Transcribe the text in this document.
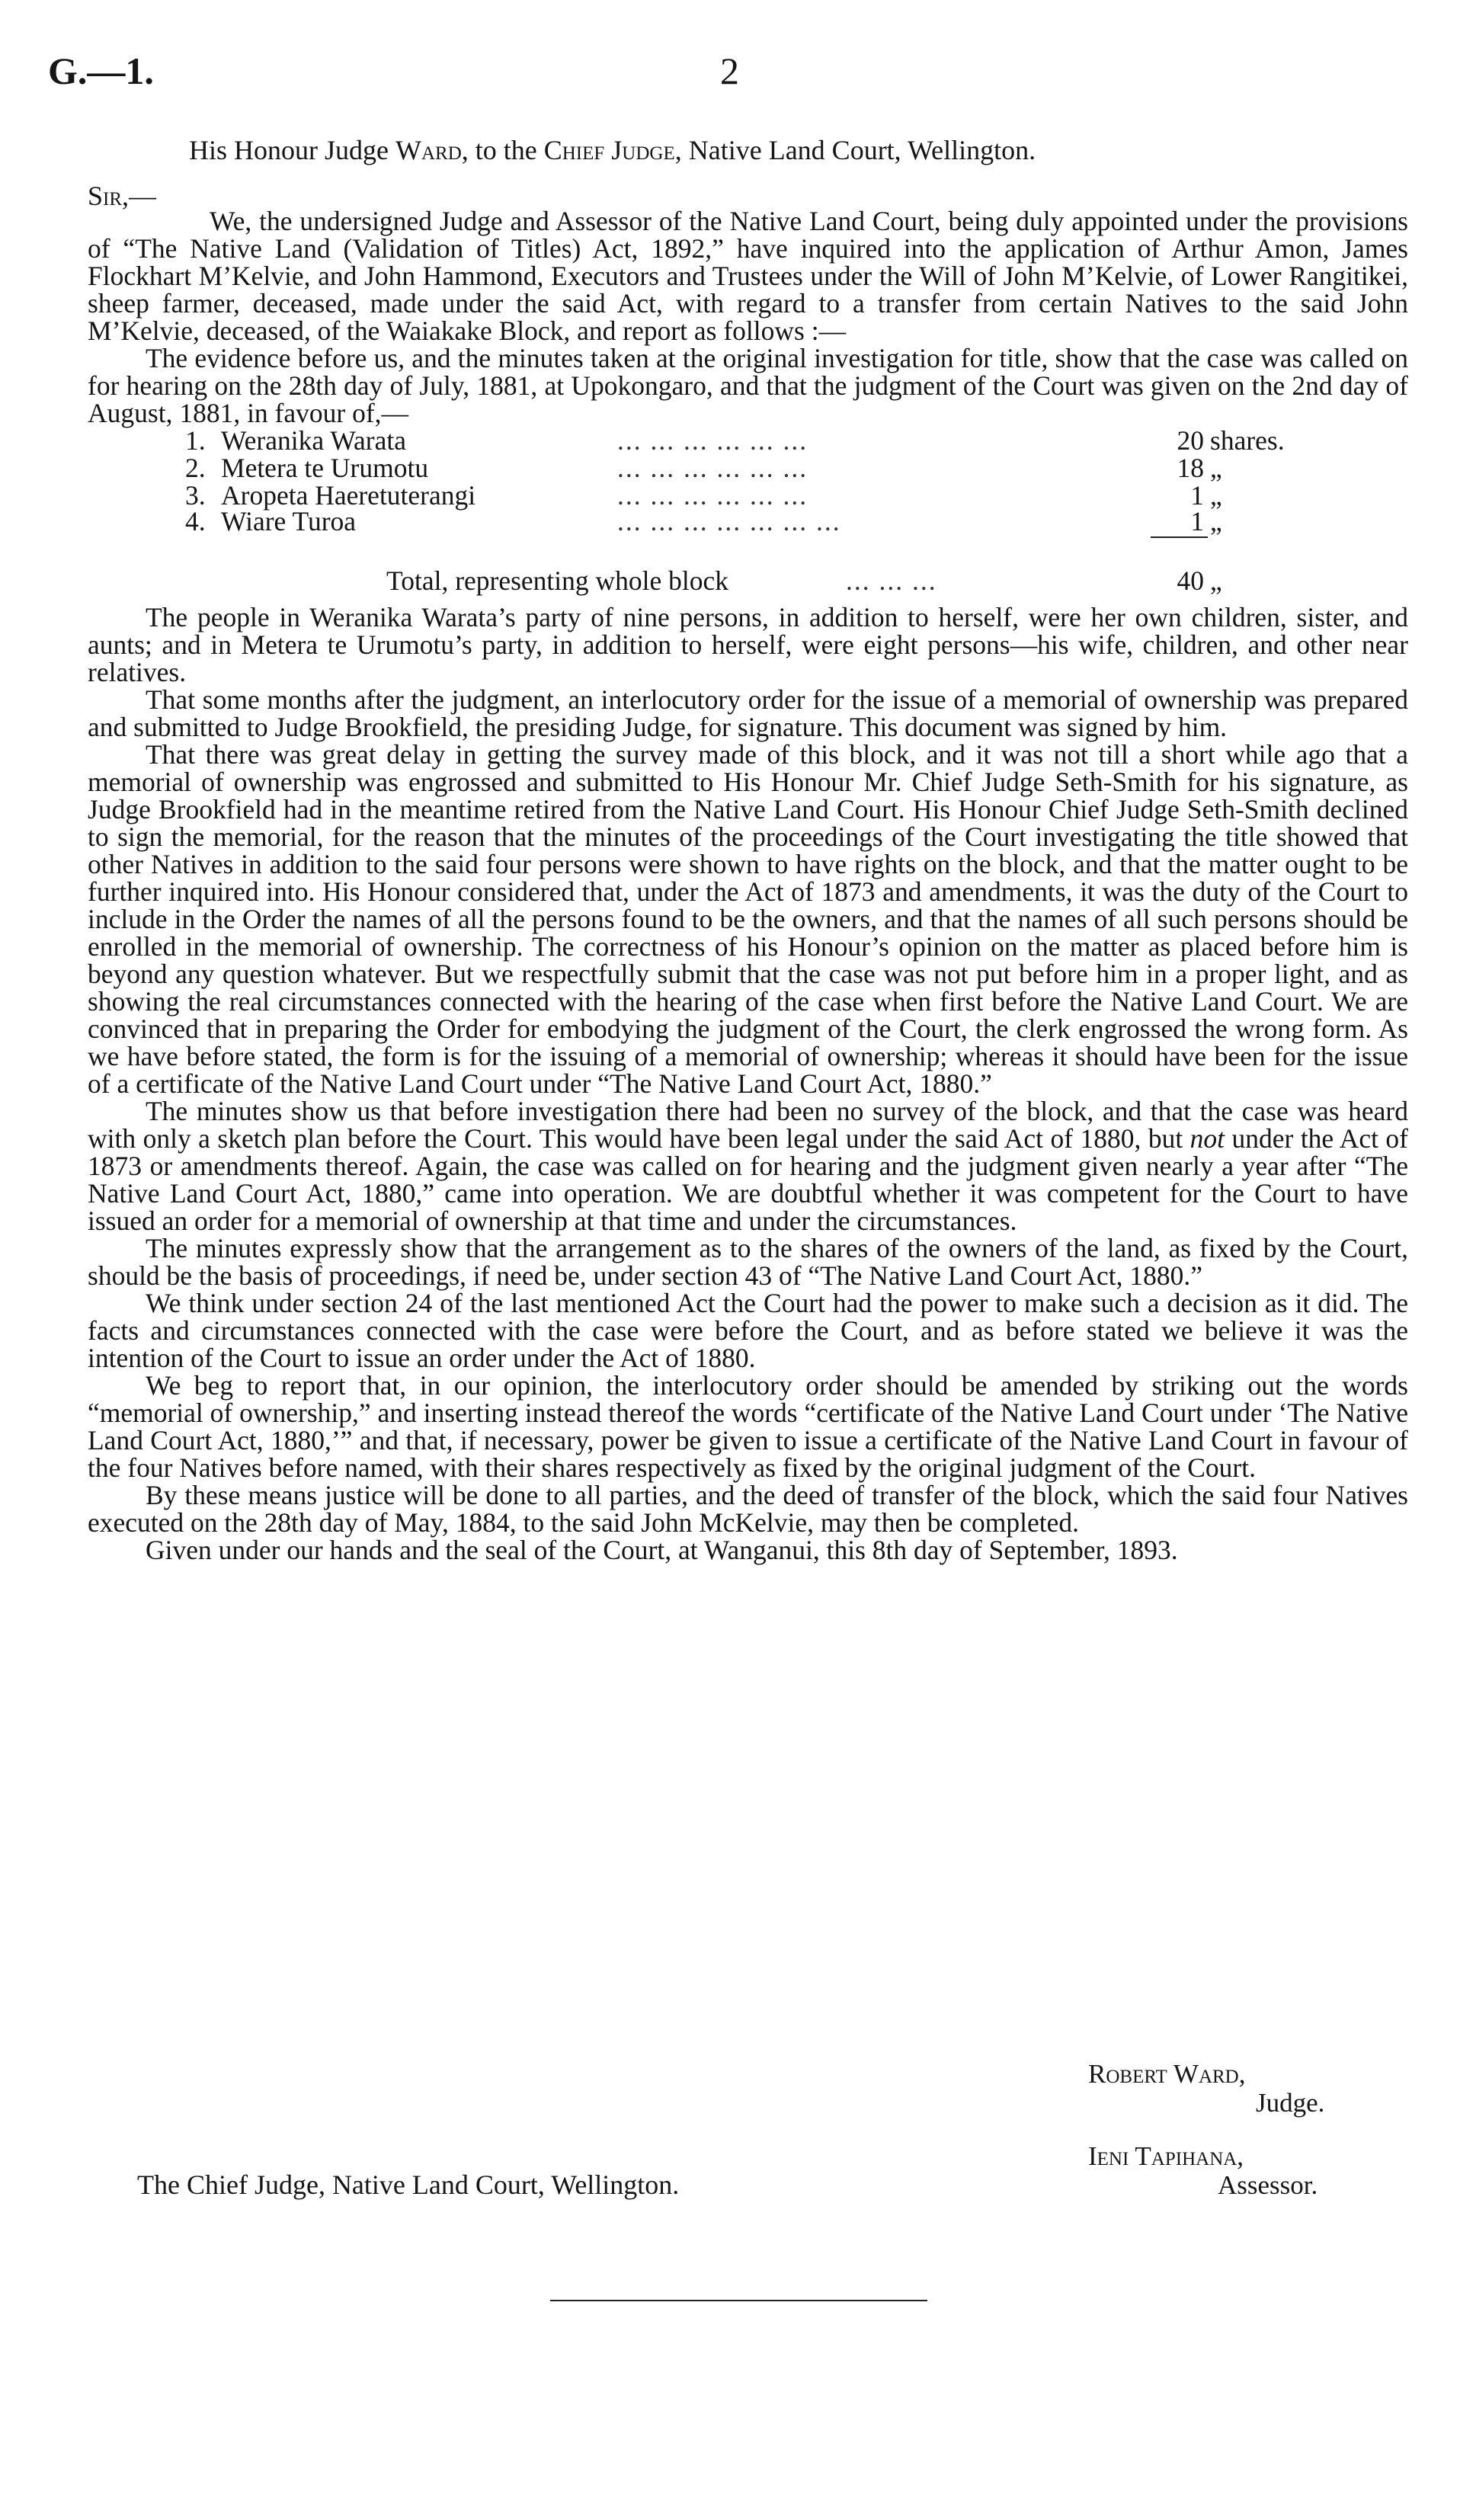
G.—1.	2
His Honour Judge Ward, to the Chief Judge, Native Land Court, Wellington.
Sir,—

We, the undersigned Judge and Assessor of the Native Land Court, being duly appointed under the provisions of “The Native Land (Validation of Titles) Act, 1892,” have inquired into the application of Arthur Amon, James Flockhart M’Kelvie, and John Hammond, Executors and Trustees under the Will of John M’Kelvie, of Lower Rangitikei, sheep farmer, deceased, made under the said Act, with regard to a transfer from certain Natives to the said John M’Kelvie, deceased, of the Waiakake Block, and report as follows :—

The evidence before us, and the minutes taken at the original investigation for title, show that the case was called on for hearing on the 28th day of July, 1881, at Upokongaro, and that the judgment of the Court was given on the 2nd day of August, 1881, in favour of,—

1. Weranika Warata	... ... ... ... ... ...	20 shares.
2. Metera te Urumotu	... ... ... ... ... ...	18 „
3. Aropeta Haeretuterangi	... ... ... ... ... ...	1 „
4. Wiare Turoa	... ... ... ... ... ... ...	1 „
Total, representing whole block	... ... ...	40 „

The people in Weranika Warata’s party of nine persons, in addition to herself, were her own children, sister, and aunts; and in Metera te Urumotu’s party, in addition to herself, were eight persons—his wife, children, and other near relatives.

That some months after the judgment, an interlocutory order for the issue of a memorial of ownership was prepared and submitted to Judge Brookfield, the presiding Judge, for signature. This document was signed by him.

That there was great delay in getting the survey made of this block, and it was not till a short while ago that a memorial of ownership was engrossed and submitted to His Honour Mr. Chief Judge Seth-Smith for his signature, as Judge Brookfield had in the meantime retired from the Native Land Court. His Honour Chief Judge Seth-Smith declined to sign the memorial, for the reason that the minutes of the proceedings of the Court investigating the title showed that other Natives in addition to the said four persons were shown to have rights on the block, and that the matter ought to be further inquired into. His Honour considered that, under the Act of 1873 and amendments, it was the duty of the Court to include in the Order the names of all the persons found to be the owners, and that the names of all such persons should be enrolled in the memorial of ownership. The correctness of his Honour’s opinion on the matter as placed before him is beyond any question whatever. But we respectfully submit that the case was not put before him in a proper light, and as showing the real circumstances connected with the hearing of the case when first before the Native Land Court. We are convinced that in preparing the Order for embodying the judgment of the Court, the clerk engrossed the wrong form. As we have before stated, the form is for the issuing of a memorial of ownership; whereas it should have been for the issue of a certificate of the Native Land Court under “The Native Land Court Act, 1880.”

The minutes show us that before investigation there had been no survey of the block, and that the case was heard with only a sketch plan before the Court. This would have been legal under the said Act of 1880, but not under the Act of 1873 or amendments thereof. Again, the case was called on for hearing and the judgment given nearly a year after “The Native Land Court Act, 1880,” came into operation. We are doubtful whether it was competent for the Court to have issued an order for a memorial of ownership at that time and under the circumstances.

The minutes expressly show that the arrangement as to the shares of the owners of the land, as fixed by the Court, should be the basis of proceedings, if need be, under section 43 of “The Native Land Court Act, 1880.”

We think under section 24 of the last mentioned Act the Court had the power to make such a decision as it did. The facts and circumstances connected with the case were before the Court, and as before stated we believe it was the intention of the Court to issue an order under the Act of 1880.

We beg to report that, in our opinion, the interlocutory order should be amended by striking out the words “memorial of ownership,” and inserting instead thereof the words “certificate of the Native Land Court under ‘The Native Land Court Act, 1880,’” and that, if necessary, power be given to issue a certificate of the Native Land Court in favour of the four Natives before named, with their shares respectively as fixed by the original judgment of the Court.

By these means justice will be done to all parties, and the deed of transfer of the block, which the said four Natives executed on the 28th day of May, 1884, to the said John McKelvie, may then be completed.

Given under our hands and the seal of the Court, at Wanganui, this 8th day of September, 1893.

Robert Ward,
Judge.
Ieni Tapihana,
Assessor.
The Chief Judge, Native Land Court, Wellington.
